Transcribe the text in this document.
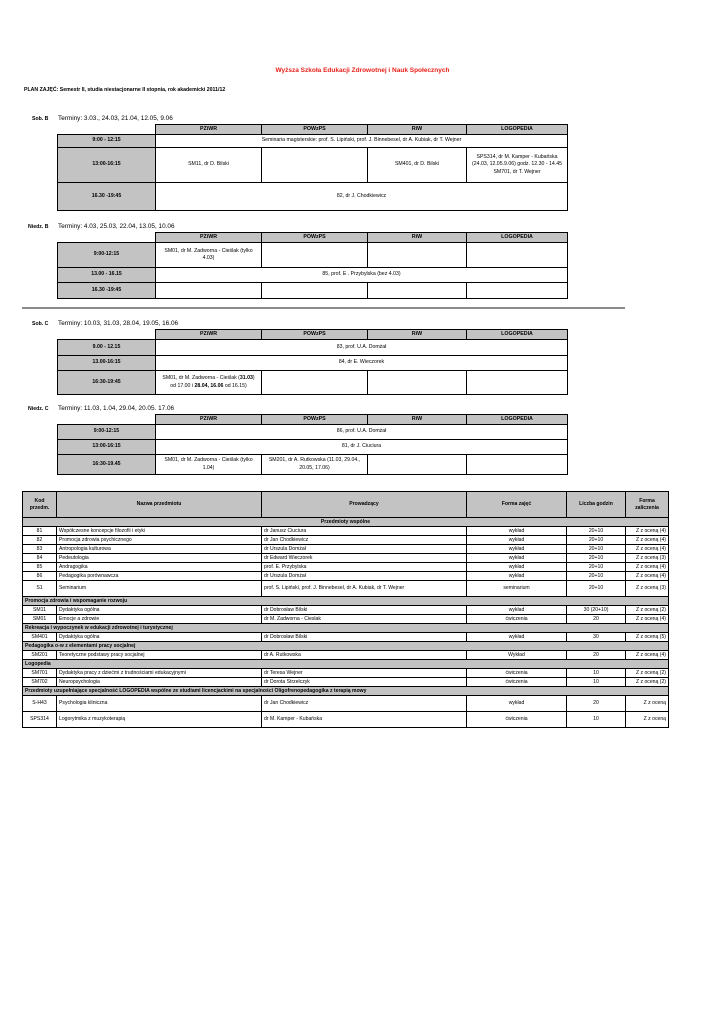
Wyższa Szkoła Edukacji Zdrowotnej i Nauk Społecznych
PLAN ZAJĘĆ: Semestr II, studia niestacjonarne II stopnia, rok akademicki 2011/12
Sob. B Terminy: 3.03., 24.03, 21.04, 12.05, 9.06
	PZiWR	POWzPS	RiW	LOGOPEDIA
9:00 - 12:15	Seminaria magisterskie: prof. S. Lipiński, prof. J. Binnebesel, dr A. Kubiak, dr T. Wejner			
13:00-16:15	SM11, dr D. Bilski		SM401, dr D. Bilski	SPS314, dr M. Kamper - Kubańska (24.03, 12.05.9.06) godz. 12.30 - 14.45
SM701, dr T. Wejner
16.30 -19:45	82, dr J. Chodkiewicz			
Niedz. B Terminy: 4.03, 25.03, 22.04, 13.05, 10.06
	PZiWR	POWzPS	RiW	LOGOPEDIA
9:00-12:15	SM01, dr M. Zadworna - Cieślak (tylko 4.03)			
13.00 - 16.15	85, prof. E . Przybylska (bez 4.03)			
16.30 -19:45				
Sob. C Terminy: 10.03, 31.03, 28.04, 19.05, 16.06
	PZiWR	POWzPS	RiW	LOGOPEDIA
9.00 - 12.15	83, prof. U.A. Domżał			
13.00-16:15	84, dr E. Wieczorek			
16:30-19:45	SM01, dr M. Zadworna - Cieślak (31.03)
od 17.00 i 28.04, 16.06 od 16.15)			
Niedz. C Terminy: 11.03, 1.04, 29.04, 20.05. 17.06
	PZiWR	POWzPS	RiW	LOGOPEDIA
9:00-12:15	86, prof. U.A. Domżał			
13:00-16:15	81, dr J. Ciuciura			
16:30-19.45	SM01, dr M. Zadworna - Cieślak (tylko 1.04)	SM201, dr A. Rutkowska (11.03, 29.04., 20.05, 17.06)		
Kod przedm.	Nazwa przedmiotu	Prowadzący	Forma zajęć	Liczba godzin	Forma zaliczenia
Przedmioty wspólne					
81	Współczesne koncepcje filozofii i etyki	dr Janusz Ciuciura	wykład	20+10	Z z oceną (4)
82	Promocja zdrowia psychicznego	dr Jan Chodkiewicz	wykład	20+10	Z z oceną (4)
83	Antropologia kulturowa	dr Urszula Domżał	wykład	20+10	Z z oceną (4)
84	Pedeutologia	dr Edward Wieczorek	wykład	20+10	Z z oceną (3)
85	Andragogika	prof. E. Przybylska	wykład	20+10	Z z oceną (4)
86	Pedagogika porównawcza	dr Urszula Domżał	wykład	20+10	Z z oceną (4)
S1	Seminarium	prof. S. Lipiński, prof. J. Binnebesel, dr A. Kubiak, dr T. Wejner	seminarium	20+10	Z z oceną (3)
Promocja zdrowia i wspomaganie rozwoju					
SM11	Dydaktyka ogólna	dr Dobrosław Bilski	wykład	30 (20+10)	Z z oceną (2)
SM01	Emocje a zdrowie	dr M. Zadworna - Cieslak	ćwiczenia	20	Z z oceną (4)
Rekreacja i wypoczynek w edukacji zdrowotnej i turystycznej					
SM401	Dydaktyka ogólna	dr Dobrosław Bilski	wykład	30	Z z oceną (5)
Pedagogika o-w z elementami pracy socjalnej					
SM201	Teoretyczne podstawy pracy socjalnej	dr A. Rutkowska	Wykład	20	Z z oceną (4)
Logopedia					
SM701	Dydaktyka pracy z dziećmi z trudnościami edukacyjnymi	dr Teresa Wejner	ćwiczenia	10	Z z oceną (2)
SM702	Neuropsychologia	dr Dorota Strzelczyk	ćwiczenia	10	Z z oceną (2)
Przedmioty uzupełniające specjalność LOGOPEDIA wspólne ze studiami licencjackimi na specjalności Oligofrenopedagogika z terapią mowy					
S-H43	Psychologia kliniczna	dr Jan Chodkiewicz	wykład	20	Z z oceną
SPS314	Logorytmika z muzykoterapią	dr M. Kamper - Kubańska	ćwiczenia	10	Z z oceną
